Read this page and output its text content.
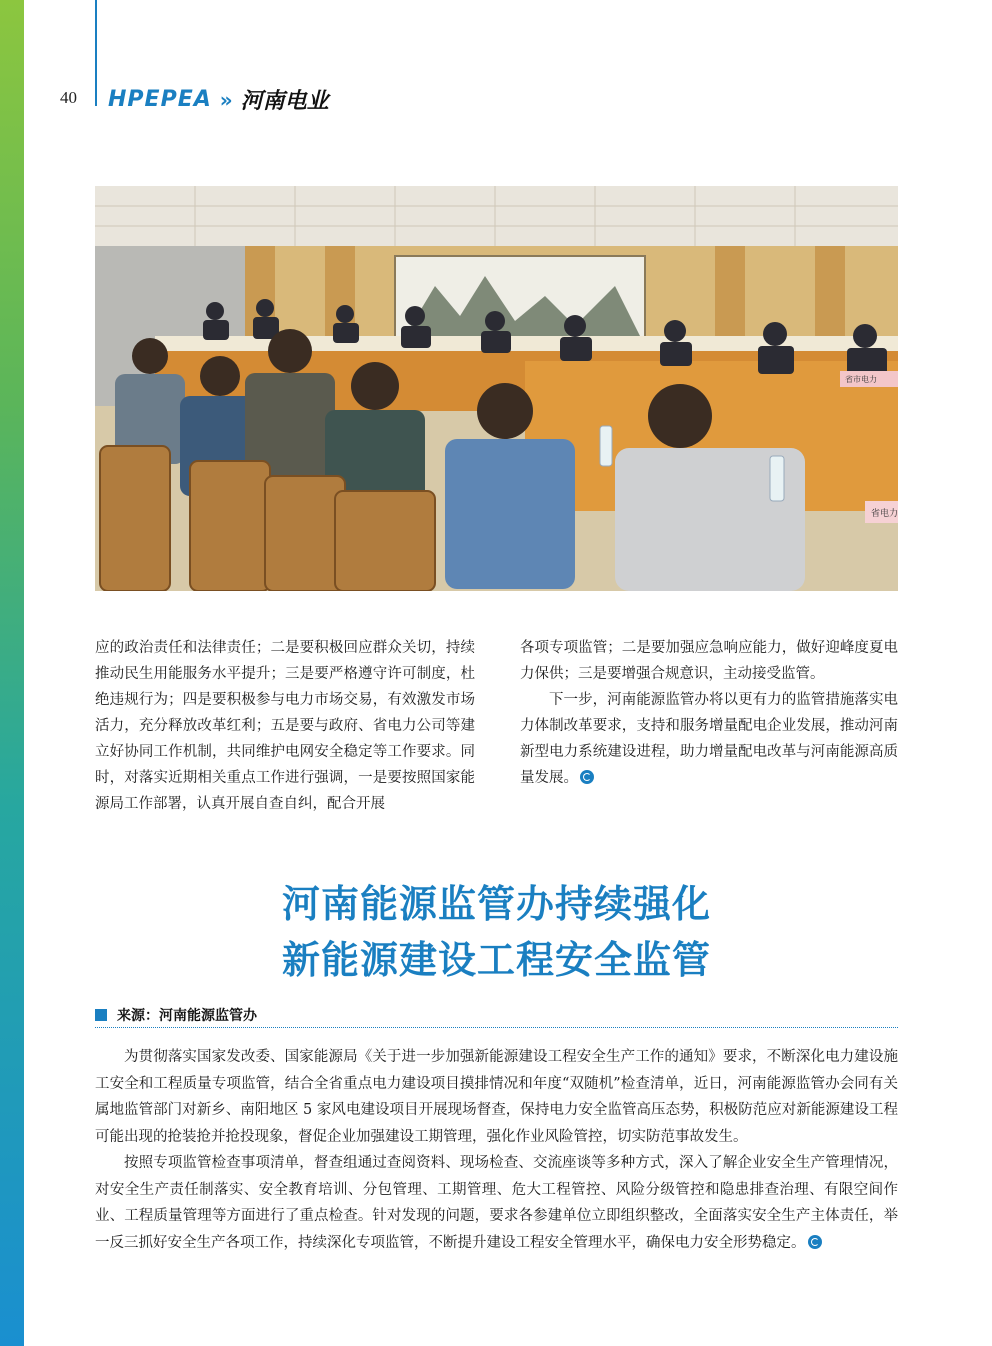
40 HPEPEA » 河南电业
省电力
省市电力

应的政治责任和法律责任；二是要积极回应群众关切，持续推动民生用能服务水平提升；三是要严格遵守许可制度，杜绝违规行为；四是要积极参与电力市场交易，有效激发市场活力，充分释放改革红利；五是要与政府、省电力公司等建立好协同工作机制，共同维护电网安全稳定等工作要求。同时，对落实近期相关重点工作进行强调，一是要按照国家能源局工作部署，认真开展自查自纠，配合开展

各项专项监管；二是要加强应急响应能力，做好迎峰度夏电力保供；三是要增强合规意识，主动接受监管。

下一步，河南能源监管办将以更有力的监管措施落实电力体制改革要求，支持和服务增量配电企业发展，推动河南新型电力系统建设进程，助力增量配电改革与河南能源高质量发展。

河南能源监管办持续强化
新能源建设工程安全监管
来源：河南能源监管办

为贯彻落实国家发改委、国家能源局《关于进一步加强新能源建设工程安全生产工作的通知》要求，不断深化电力建设施工安全和工程质量专项监管，结合全省重点电力建设项目摸排情况和年度“双随机”检查清单，近日，河南能源监管办会同有关属地监管部门对新乡、南阳地区 5 家风电建设项目开展现场督查，保持电力安全监管高压态势，积极防范应对新能源建设工程可能出现的抢装抢并抢投现象，督促企业加强建设工期管理，强化作业风险管控，切实防范事故发生。

按照专项监管检查事项清单，督查组通过查阅资料、现场检查、交流座谈等多种方式，深入了解企业安全生产管理情况，对安全生产责任制落实、安全教育培训、分包管理、工期管理、危大工程管控、风险分级管控和隐患排查治理、有限空间作业、工程质量管理等方面进行了重点检查。针对发现的问题，要求各参建单位立即组织整改，全面落实安全生产主体责任，举一反三抓好安全生产各项工作，持续深化专项监管，不断提升建设工程安全管理水平，确保电力安全形势稳定。
